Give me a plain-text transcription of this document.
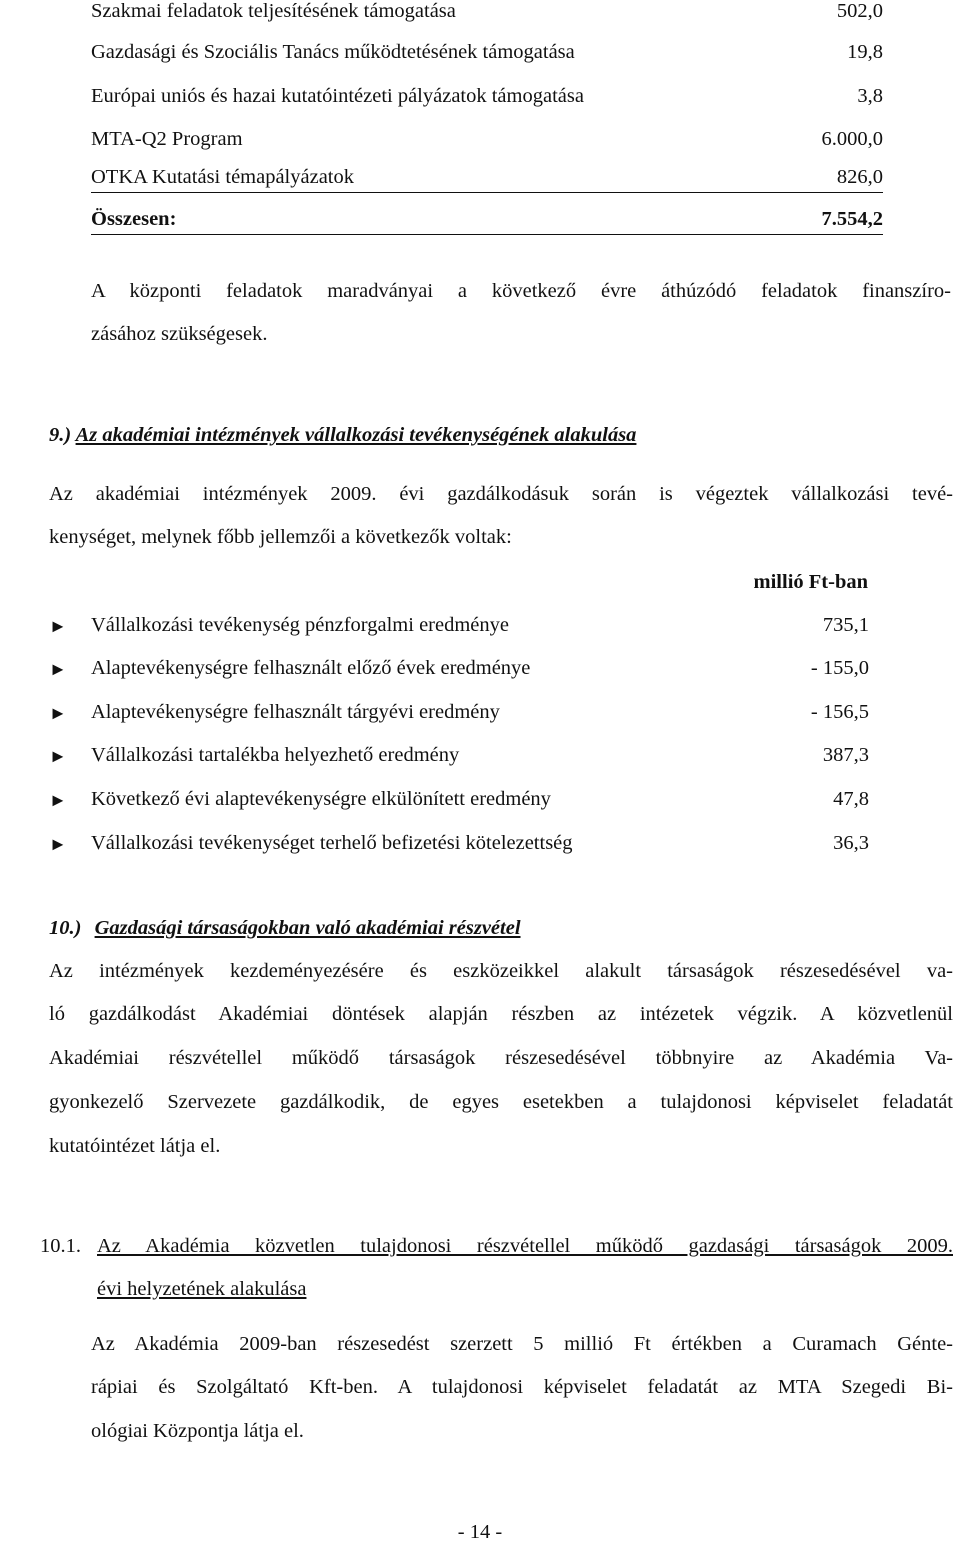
Szakmai feladatok teljesítésének támogatása	502,0
Gazdasági és Szociális Tanács működtetésének támogatása	19,8
Európai uniós és hazai kutatóintézeti pályázatok támogatása	3,8
MTA-Q2 Program	6.000,0
OTKA Kutatási témapályázatok	826,0
Összesen:	7.554,2
A központi feladatok maradványai a következő évre áthúzódó feladatok finanszíro-
zásához szükségesek.
9.) Az akadémiai intézmények vállalkozási tevékenységének alakulása
Az akadémiai intézmények 2009. évi gazdálkodásuk során is végeztek vállalkozási tevé-
kenységet, melynek főbb jellemzői a következők voltak:
millió Ft-ban
► Vállalkozási tevékenység pénzforgalmi eredménye	735,1
► Alaptevékenységre felhasznált előző évek eredménye	- 155,0
► Alaptevékenységre felhasznált tárgyévi eredmény	- 156,5
► Vállalkozási tartalékba helyezhető eredmény	387,3
► Következő évi alaptevékenységre elkülönített eredmény	47,8
► Vállalkozási tevékenységet terhelő befizetési kötelezettség	36,3
10.) Gazdasági társaságokban való akadémiai részvétel
Az intézmények kezdeményezésére és eszközeikkel alakult társaságok részesedésével va-
ló gazdálkodást Akadémiai döntések alapján részben az intézetek végzik. A közvetlenül
Akadémiai részvétellel működő társaságok részesedésével többnyire az Akadémia Va-
gyonkezelő Szervezete gazdálkodik, de egyes esetekben a tulajdonosi képviselet feladatát
kutatóintézet látja el.
10.1. Az Akadémia közvetlen tulajdonosi részvétellel működő gazdasági társaságok 2009.
évi helyzetének alakulása
Az Akadémia 2009-ban részesedést szerzett 5 millió Ft értékben a Curamach Génte-
rápiai és Szolgáltató Kft-ben. A tulajdonosi képviselet feladatát az MTA Szegedi Bi-
ológiai Központja látja el.
- 14 -
